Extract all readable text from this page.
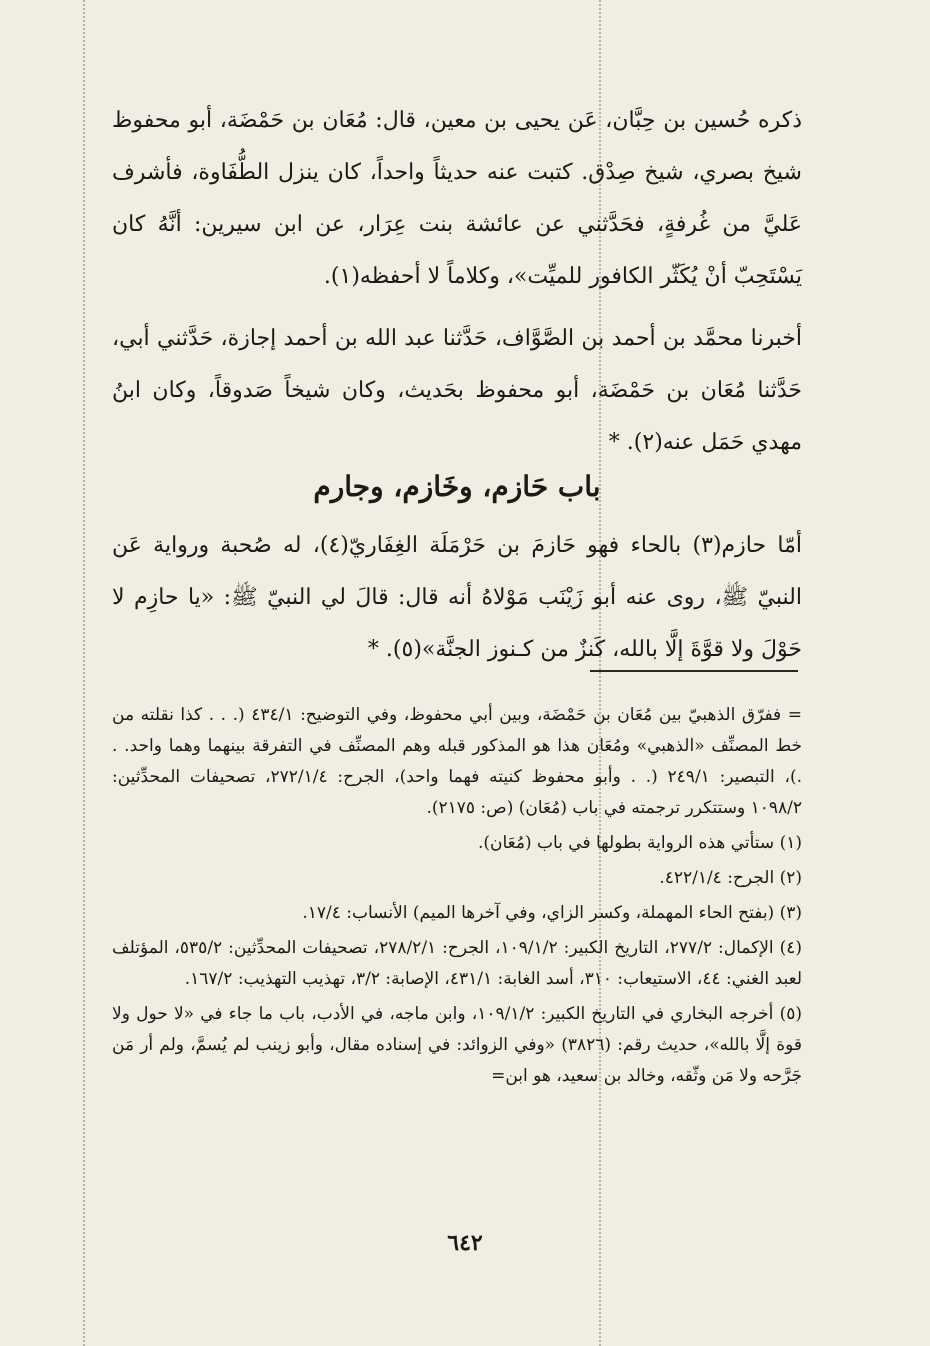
ذكره حُسين بن حِبَّان، عَن يحيى بن معين، قال: مُعَان بن حَمْضَة، أبو محفوظ شيخ بصري، شيخ صِدْق. كتبت عنه حديثاً واحداً، كان ينزل الطُّفَاوة، فأشرف عَليَّ من غُرفةٍ، فحَدَّثني عن عائشة بنت عِرَار، عن ابن سيرين: أنَّهُ كان يَسْتَحِبّ أنْ يُكَثّر الكافور للميِّت»، وكلاماً لا أحفظه(١).

أخبرنا محمَّد بن أحمد بن الصَّوَّاف، حَدَّثنا عبد الله بن أحمد إجازة، حَدَّثني أبي، حَدَّثنا مُعَان بن حَمْضَة، أبو محفوظ بحَديث، وكان شيخاً صَدوقاً، وكان ابنُ مهدي حَمَل عنه(٢). *

باب حَازم، وخَازم، وجارم

أمّا حازم(٣) بالحاء فهو حَازمَ بن حَرْمَلَة الغِفَاريّ(٤)، له صُحبة ورواية عَن النبيّ ﷺ، روى عنه أبو زَيْنَب مَوْلاهُ أنه قال: قالَ لي النبيّ ﷺ: «يا حازِم لا حَوْلَ ولا قوَّةَ إلَّا بالله، كَنزٌ من كـنوز الجنَّة»(٥). *

= ففرّق الذهبيّ بين مُعَان بن حَمْضَة، وبين أبي محفوظ، وفي التوضيح: ٤٣٤/١ (. . . كذا نقلته من خط المصنِّف «الذهبي» ومُعَان هذا هو المذكور قبله وهم المصنِّف في التفرقة بينهما وهما واحد. . .)، التبصير: ٢٤٩/١ (. . وأبو محفوظ كنيته فهما واحد)، الجرح: ٢٧٢/١/٤، تصحيفات المحدِّثين: ١٠٩٨/٢ وستتكرر ترجمته في باب (مُعَان) (ص: ٢١٧٥).

(١) ستأتي هذه الرواية بطولها في باب (مُعَان).

(٢) الجرح: ٤٢٢/١/٤.

(٣) (بفتح الحاء المهملة، وكسر الزاي، وفي آخرها الميم) الأنساب: ١٧/٤.

(٤) الإكمال: ٢٧٧/٢، التاريخ الكبير: ١٠٩/١/٢، الجرح: ٢٧٨/٢/١، تصحيفات المحدِّثين: ٥٣٥/٢، المؤتلف لعبد الغني: ٤٤، الاستيعاب: ٣١٠، أسد الغابة: ٤٣١/١، الإصابة: ٣/٢، تهذيب التهذيب: ١٦٧/٢.

(٥) أخرجه البخاري في التاريخ الكبير: ١٠٩/١/٢، وابن ماجه، في الأدب، باب ما جاء في «لا حول ولا قوة إلَّا بالله»، حديث رقم: (٣٨٢٦) «وفي الزوائد: في إسناده مقال، وأبو زينب لم يُسمَّ، ولم أر مَن جَرَّحه ولا مَن وثّقه، وخالد بن سعيد، هو ابن=

٦٤٢
